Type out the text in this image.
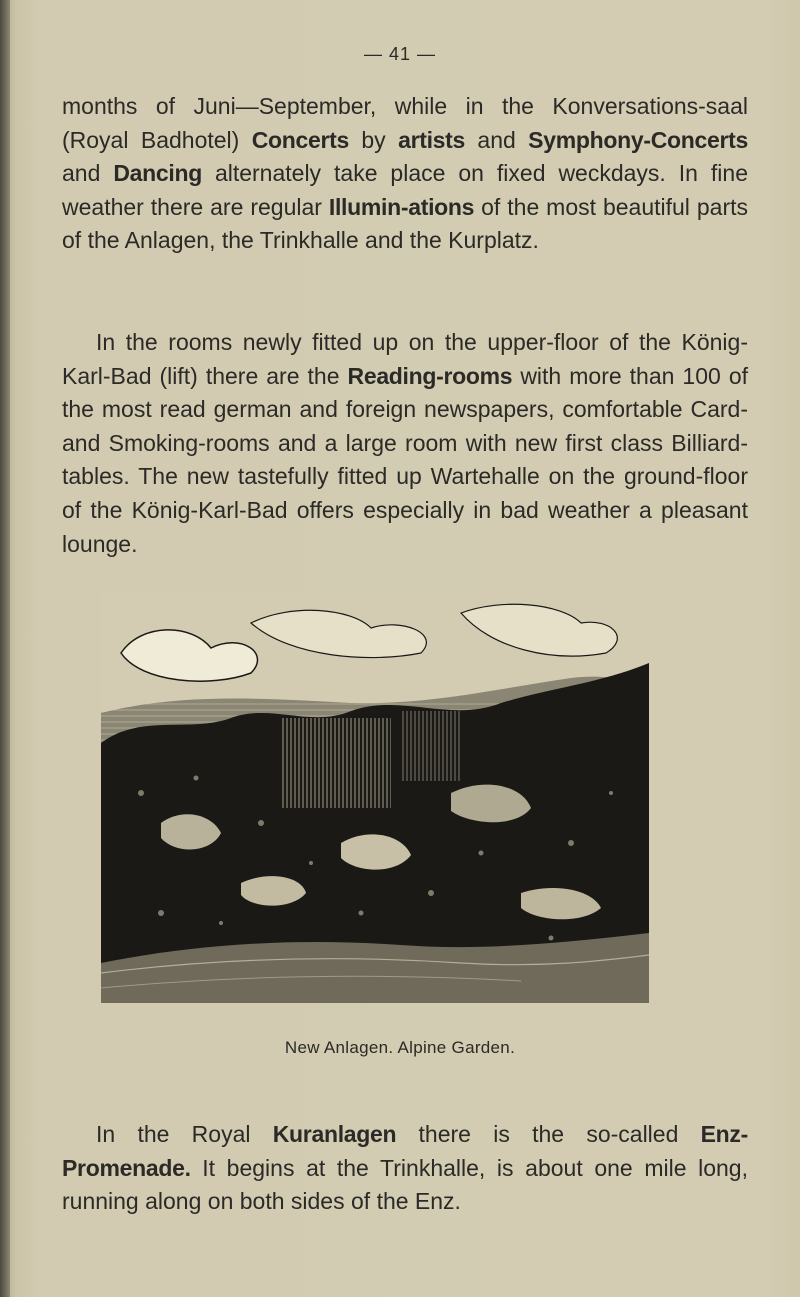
— 41 —

months of Juni—September, while in the Konversations-saal (Royal Badhotel) Concerts by artists and Symphony-Concerts and Dancing alternately take place on fixed weckdays. In fine weather there are regular Illumin-ations of the most beautiful parts of the Anlagen, the Trinkhalle and the Kurplatz.

In the rooms newly fitted up on the upper-floor of the König-Karl-Bad (lift) there are the Reading-rooms with more than 100 of the most read german and foreign newspapers, comfortable Card- and Smoking-rooms and a large room with new first class Billiard-tables. The new tastefully fitted up Wartehalle on the ground-floor of the König-Karl-Bad offers especially in bad weather a pleasant lounge.

New Anlagen. Alpine Garden.

In the Royal Kuranlagen there is the so-called Enz-Promenade. It begins at the Trinkhalle, is about one mile long, running along on both sides of the Enz.
